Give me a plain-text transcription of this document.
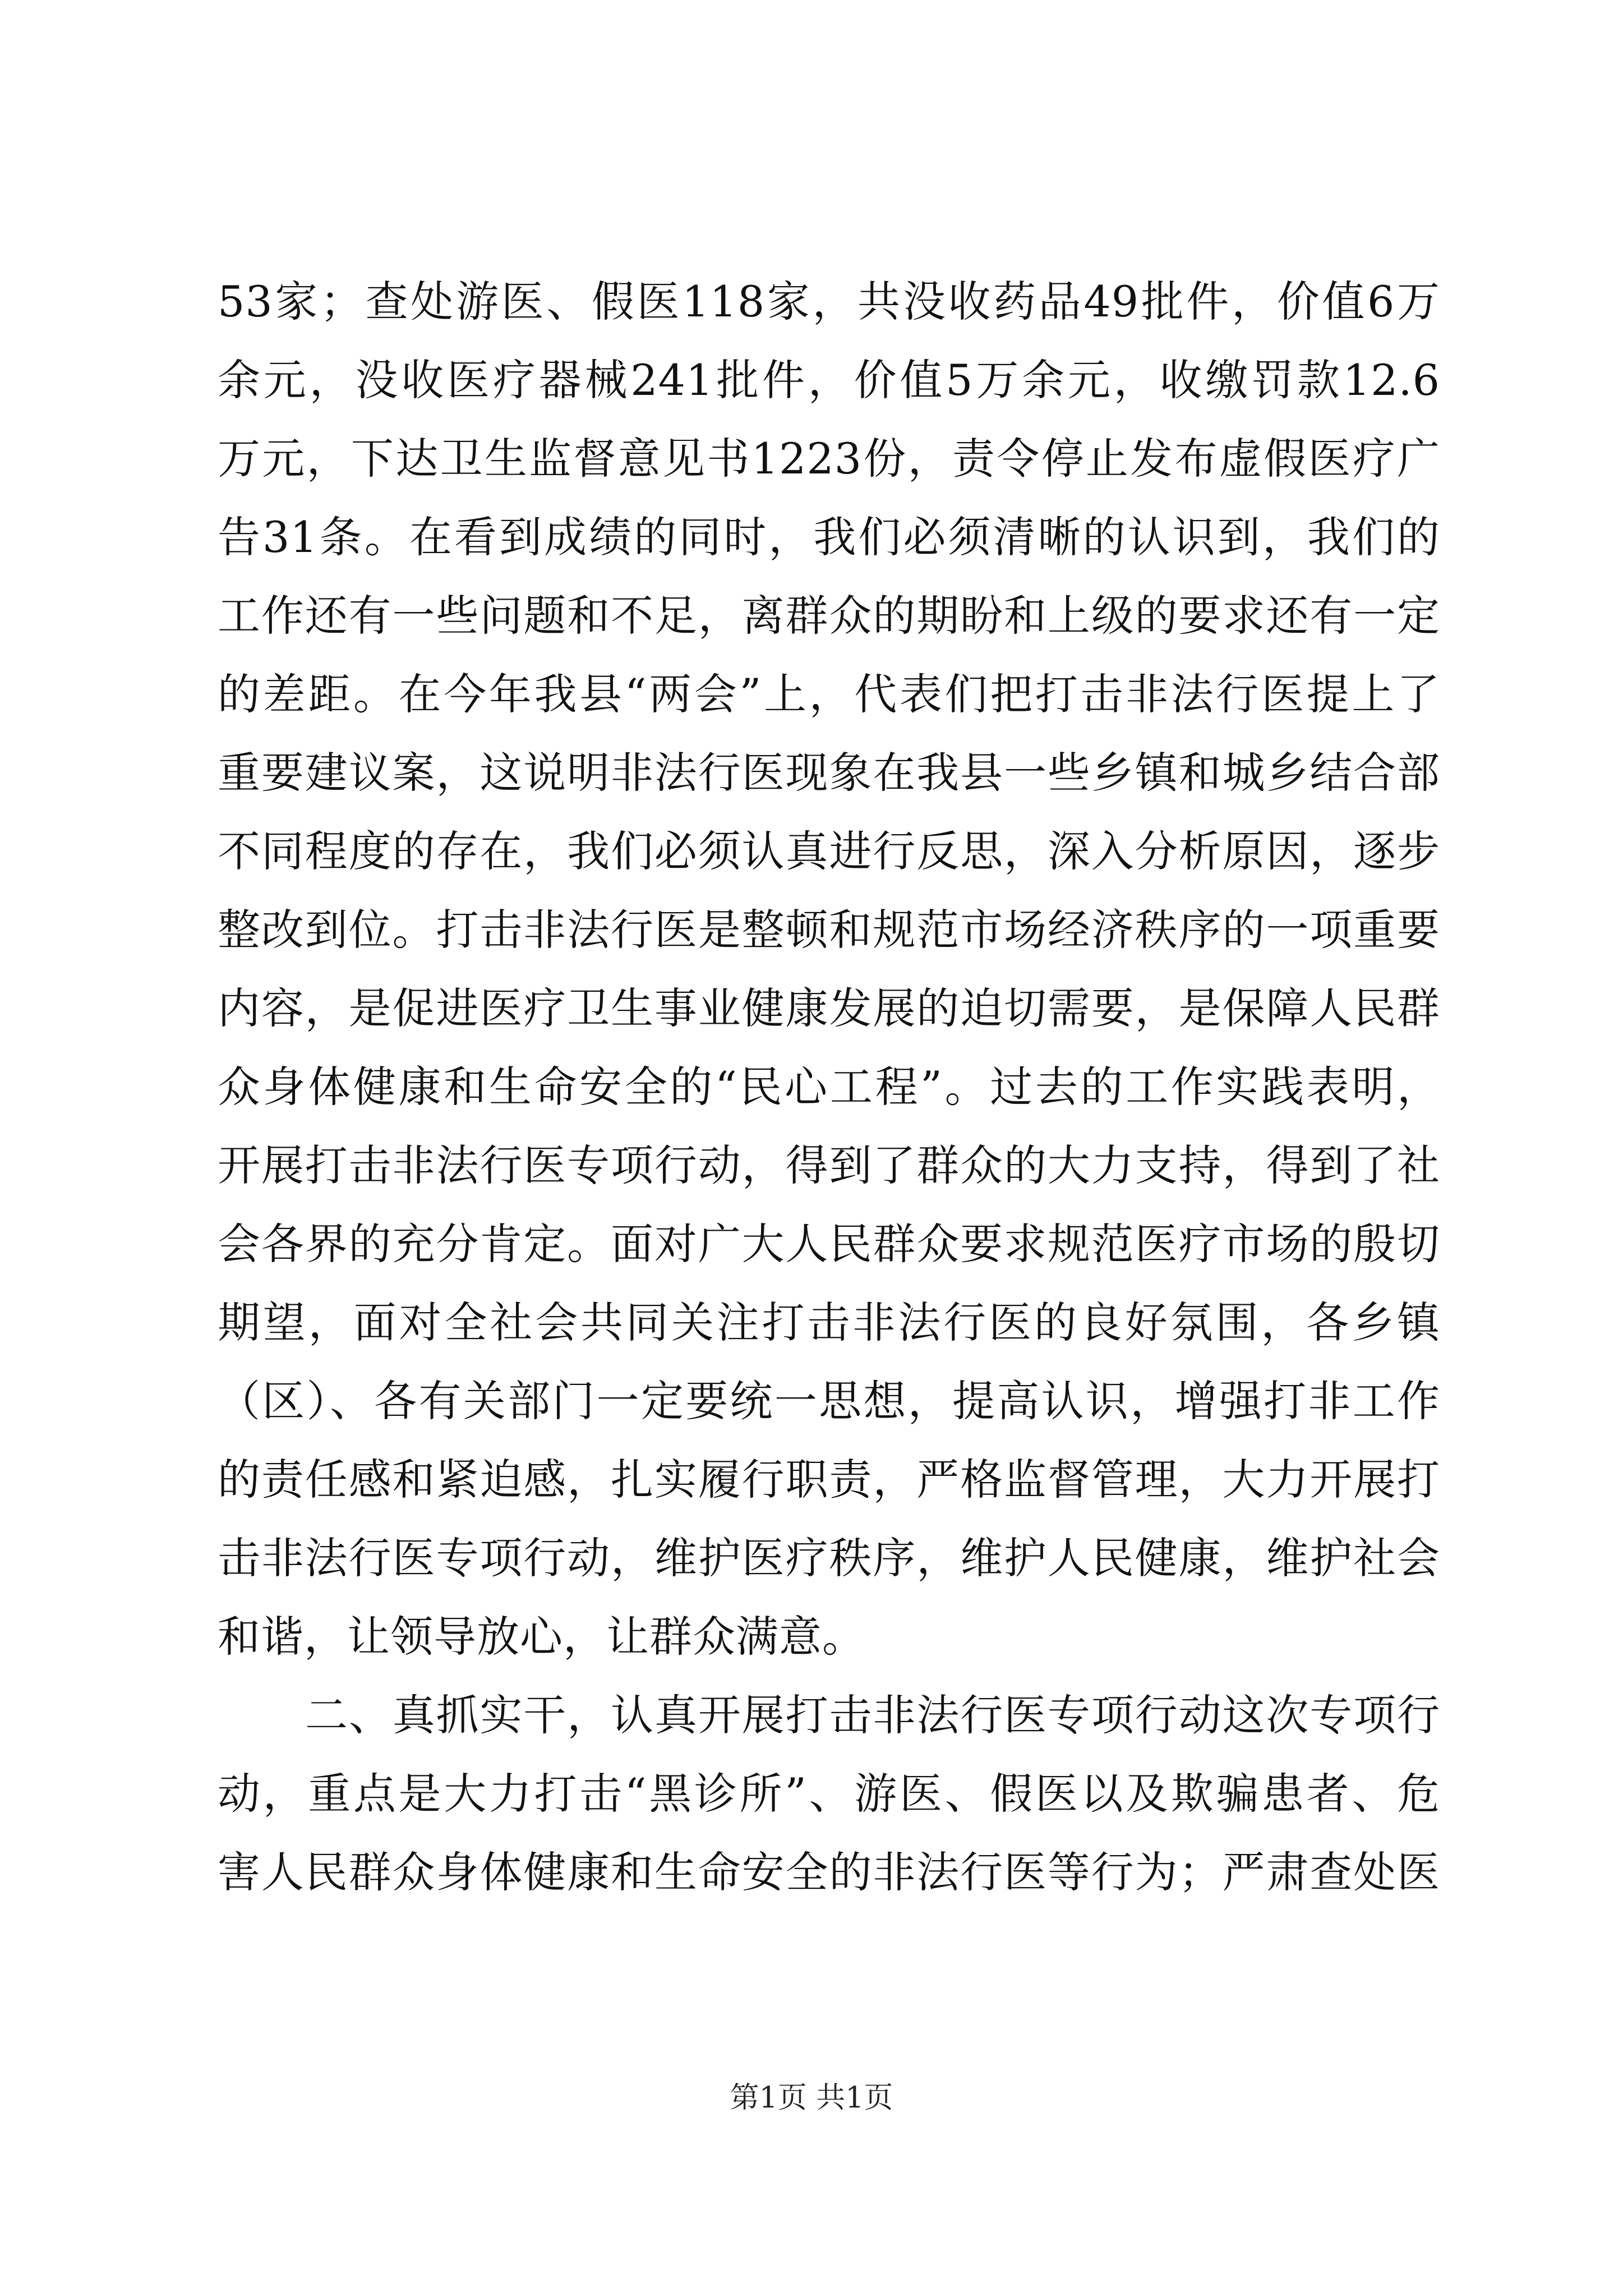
53家；查处游医、假医118家，共没收药品49批件，价值6万
余元，没收医疗器械241批件，价值5万余元，收缴罚款12.6
万元，下达卫生监督意见书1223份，责令停止发布虚假医疗广
告31条。在看到成绩的同时，我们必须清晰的认识到，我们的
工作还有一些问题和不足，离群众的期盼和上级的要求还有一定
的差距。在今年我县“两会”上，代表们把打击非法行医提上了
重要建议案，这说明非法行医现象在我县一些乡镇和城乡结合部
不同程度的存在，我们必须认真进行反思，深入分析原因，逐步
整改到位。打击非法行医是整顿和规范市场经济秩序的一项重要
内容，是促进医疗卫生事业健康发展的迫切需要，是保障人民群
众身体健康和生命安全的“民心工程”。过去的工作实践表明，
开展打击非法行医专项行动，得到了群众的大力支持，得到了社
会各界的充分肯定。面对广大人民群众要求规范医疗市场的殷切
期望，面对全社会共同关注打击非法行医的良好氛围，各乡镇
（区）、各有关部门一定要统一思想，提高认识，增强打非工作
的责任感和紧迫感，扎实履行职责，严格监督管理，大力开展打
击非法行医专项行动，维护医疗秩序，维护人民健康，维护社会
和谐，让领导放心，让群众满意。
二、真抓实干，认真开展打击非法行医专项行动这次专项行
动，重点是大力打击“黑诊所”、游医、假医以及欺骗患者、危
害人民群众身体健康和生命安全的非法行医等行为；严肃查处医
第1页 共1页
